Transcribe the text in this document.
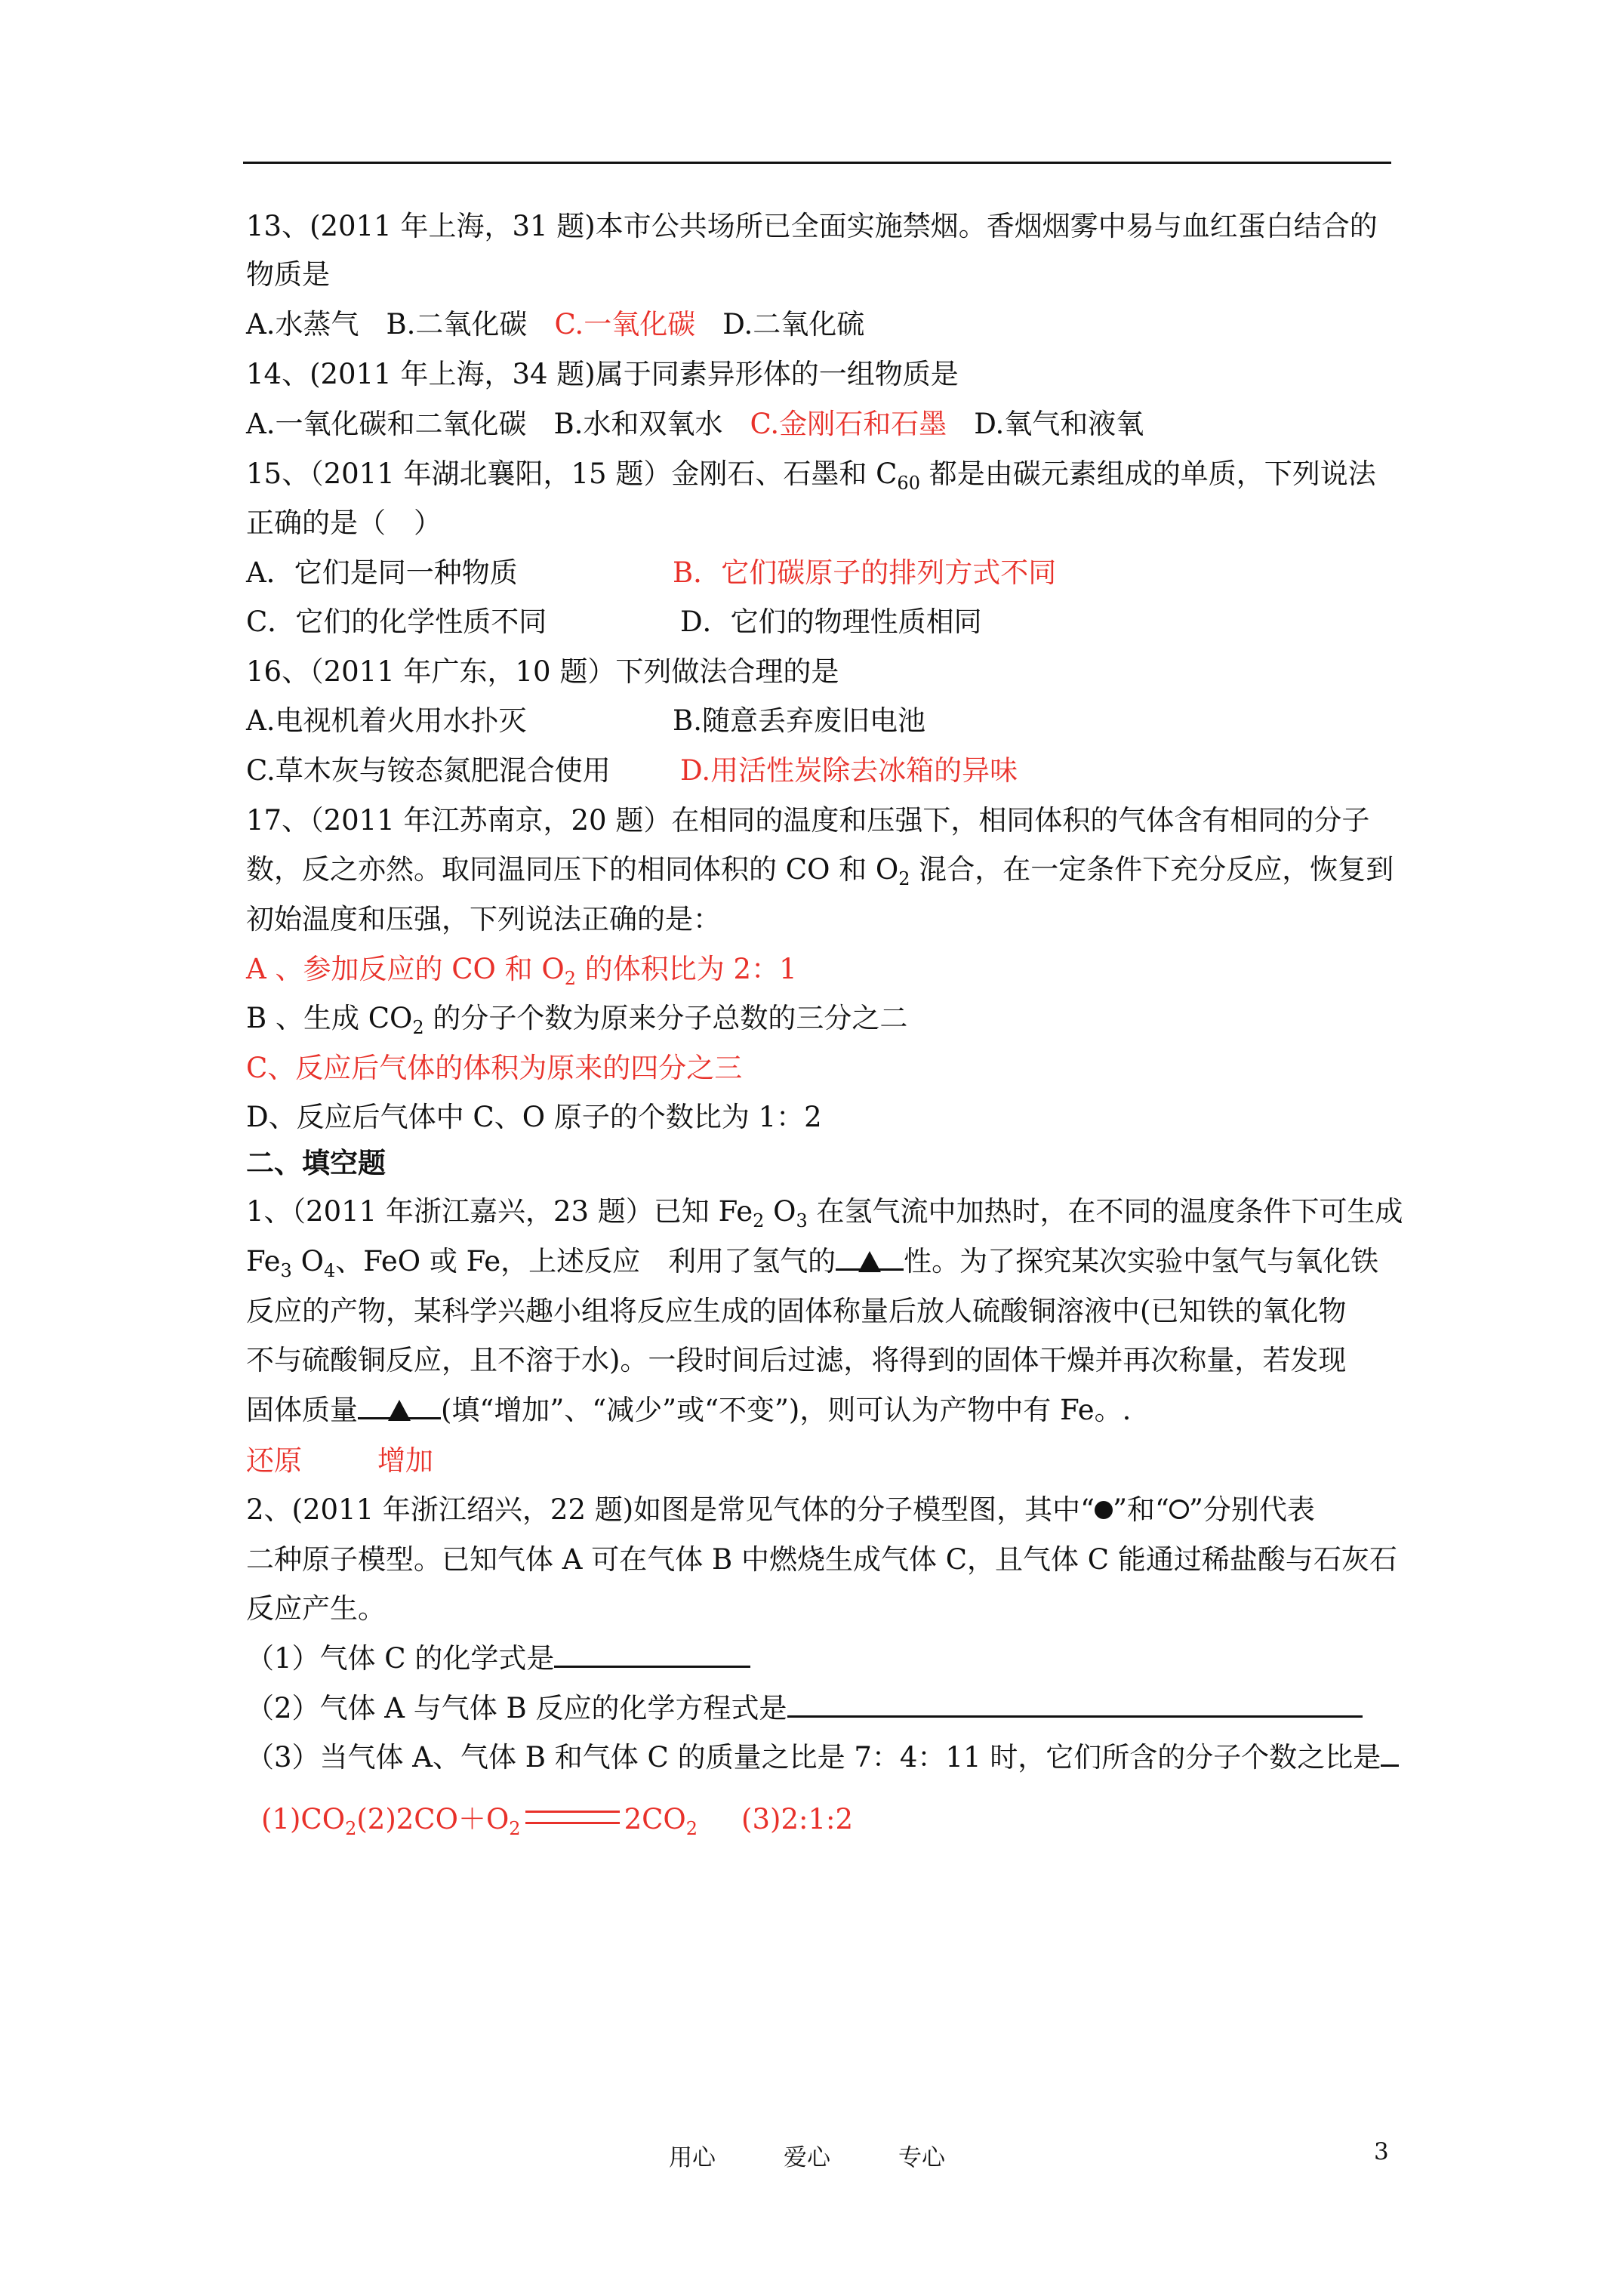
13、(2011 年上海，31 题)本市公共场所已全面实施禁烟。香烟烟雾中易与血红蛋白结合的
物质是
A.水蒸气 B.二氧化碳 C.一氧化碳 D.二氧化硫
14、(2011 年上海，34 题)属于同素异形体的一组物质是
A.一氧化碳和二氧化碳 B.水和双氧水 C.金刚石和石墨 D.氧气和液氧
15、（2011 年湖北襄阳，15 题）金刚石、石墨和 $C_{60}$ 都是由碳元素组成的单质，下列说法
正确的是（　）
A．它们是同一种物质	B．它们碳原子的排列方式不同
C．它们的化学性质不同	D．它们的物理性质相同
16、（2011 年广东，10 题）下列做法合理的是
A.电视机着火用水扑灭	B.随意丢弃废旧电池
C.草木灰与铵态氮肥混合使用 D.用活性炭除去冰箱的异味
17、（2011 年江苏南京，20 题）在相同的温度和压强下，相同体积的气体含有相同的分子
数，反之亦然。取同温同压下的相同体积的 CO 和 $O_2$ 混合，在一定条件下充分反应，恢复到
初始温度和压强，下列说法正确的是：
A 、参加反应的 CO 和 $O_2$ 的体积比为 2：1
B 、生成 $CO_2$ 的分子个数为原来分子总数的三分之二
C、反应后气体的体积为原来的四分之三
D、反应后气体中 C、O 原子的个数比为 1：2
二、填空题
1、（2011 年浙江嘉兴，23 题）已知 $Fe_2$ $O_3$ 在氢气流中加热时，在不同的温度条件下可生成
$Fe_3$ $O_4$、FeO 或 Fe，上述反应　利用了氢气的 性。为了探究某次实验中氢气与氧化铁
反应的产物，某科学兴趣小组将反应生成的固体称量后放人硫酸铜溶液中(已知铁的氧化物
不与硫酸铜反应，且不溶于水)。一段时间后过滤，将得到的固体干燥并再次称量，若发现
固体质量	(填“增加”、“减少”或“不变”)，则可认为产物中有 Fe。.
还原	增加
2、(2011 年浙江绍兴，22 题)如图是常见气体的分子模型图，其中“ ”和“ ”分别代表
二种原子模型。已知气体 A 可在气体 B 中燃烧生成气体 C，且气体 C 能通过稀盐酸与石灰石
反应产生。
（1）气体 C 的化学式是
（2）气体 A 与气体 B 反应的化学方程式是
（3）当气体 A、气体 B 和气体 C 的质量之比是 7：4：11 时，它们所含的分子个数之比是
$(1)CO_2(2)2CO+O_2$	$2CO_2$ (3)2:1:2
用心	爱心	专心	3
